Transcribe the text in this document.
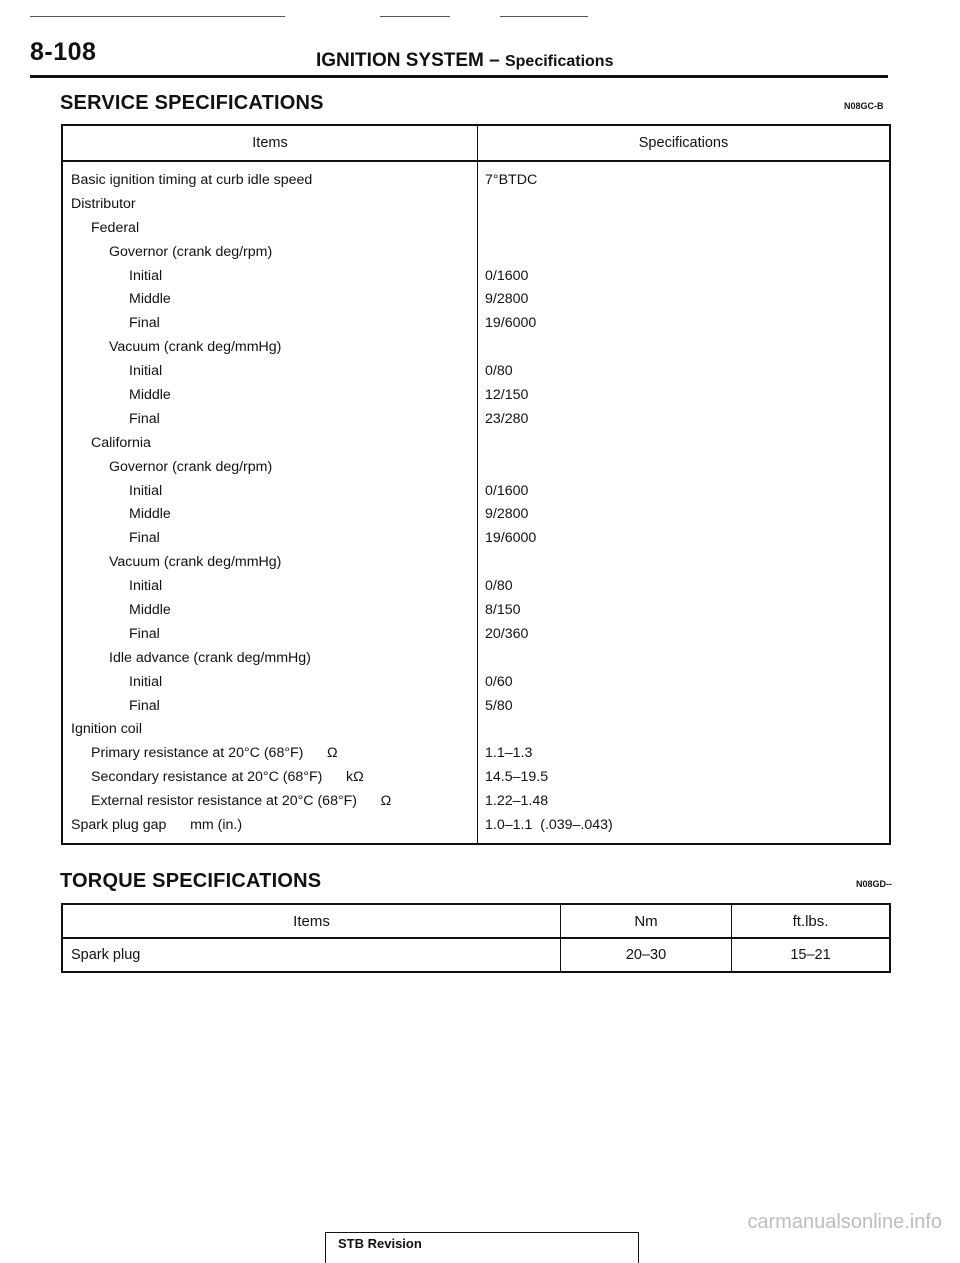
8-108	IGNITION SYSTEM – Specifications
SERVICE SPECIFICATIONS	N08GC-B
Items	Specifications
Basic ignition timing at curb idle speed	7°BTDC
Distributor	
Federal	
Governor (crank deg/rpm)	
Initial	0/1600
Middle	9/2800
Final	19/6000
Vacuum (crank deg/mmHg)	
Initial	0/80
Middle	12/150
Final	23/280
California	
Governor (crank deg/rpm)	
Initial	0/1600
Middle	9/2800
Final	19/6000
Vacuum (crank deg/mmHg)	
Initial	0/80
Middle	8/150
Final	20/360
Idle advance (crank deg/mmHg)	
Initial	0/60
Final	5/80
Ignition coil	
Primary resistance at 20°C (68°F)      Ω	1.1–1.3
Secondary resistance at 20°C (68°F)      kΩ	14.5–19.5
External resistor resistance at 20°C (68°F)      Ω	1.22–1.48
Spark plug gap      mm (in.)	1.0–1.1  (.039–.043)
TORQUE SPECIFICATIONS	N08GD--
Items	Nm	ft.lbs.
Spark plug	20–30	15–21
STB Revision
carmanualsonline.info
